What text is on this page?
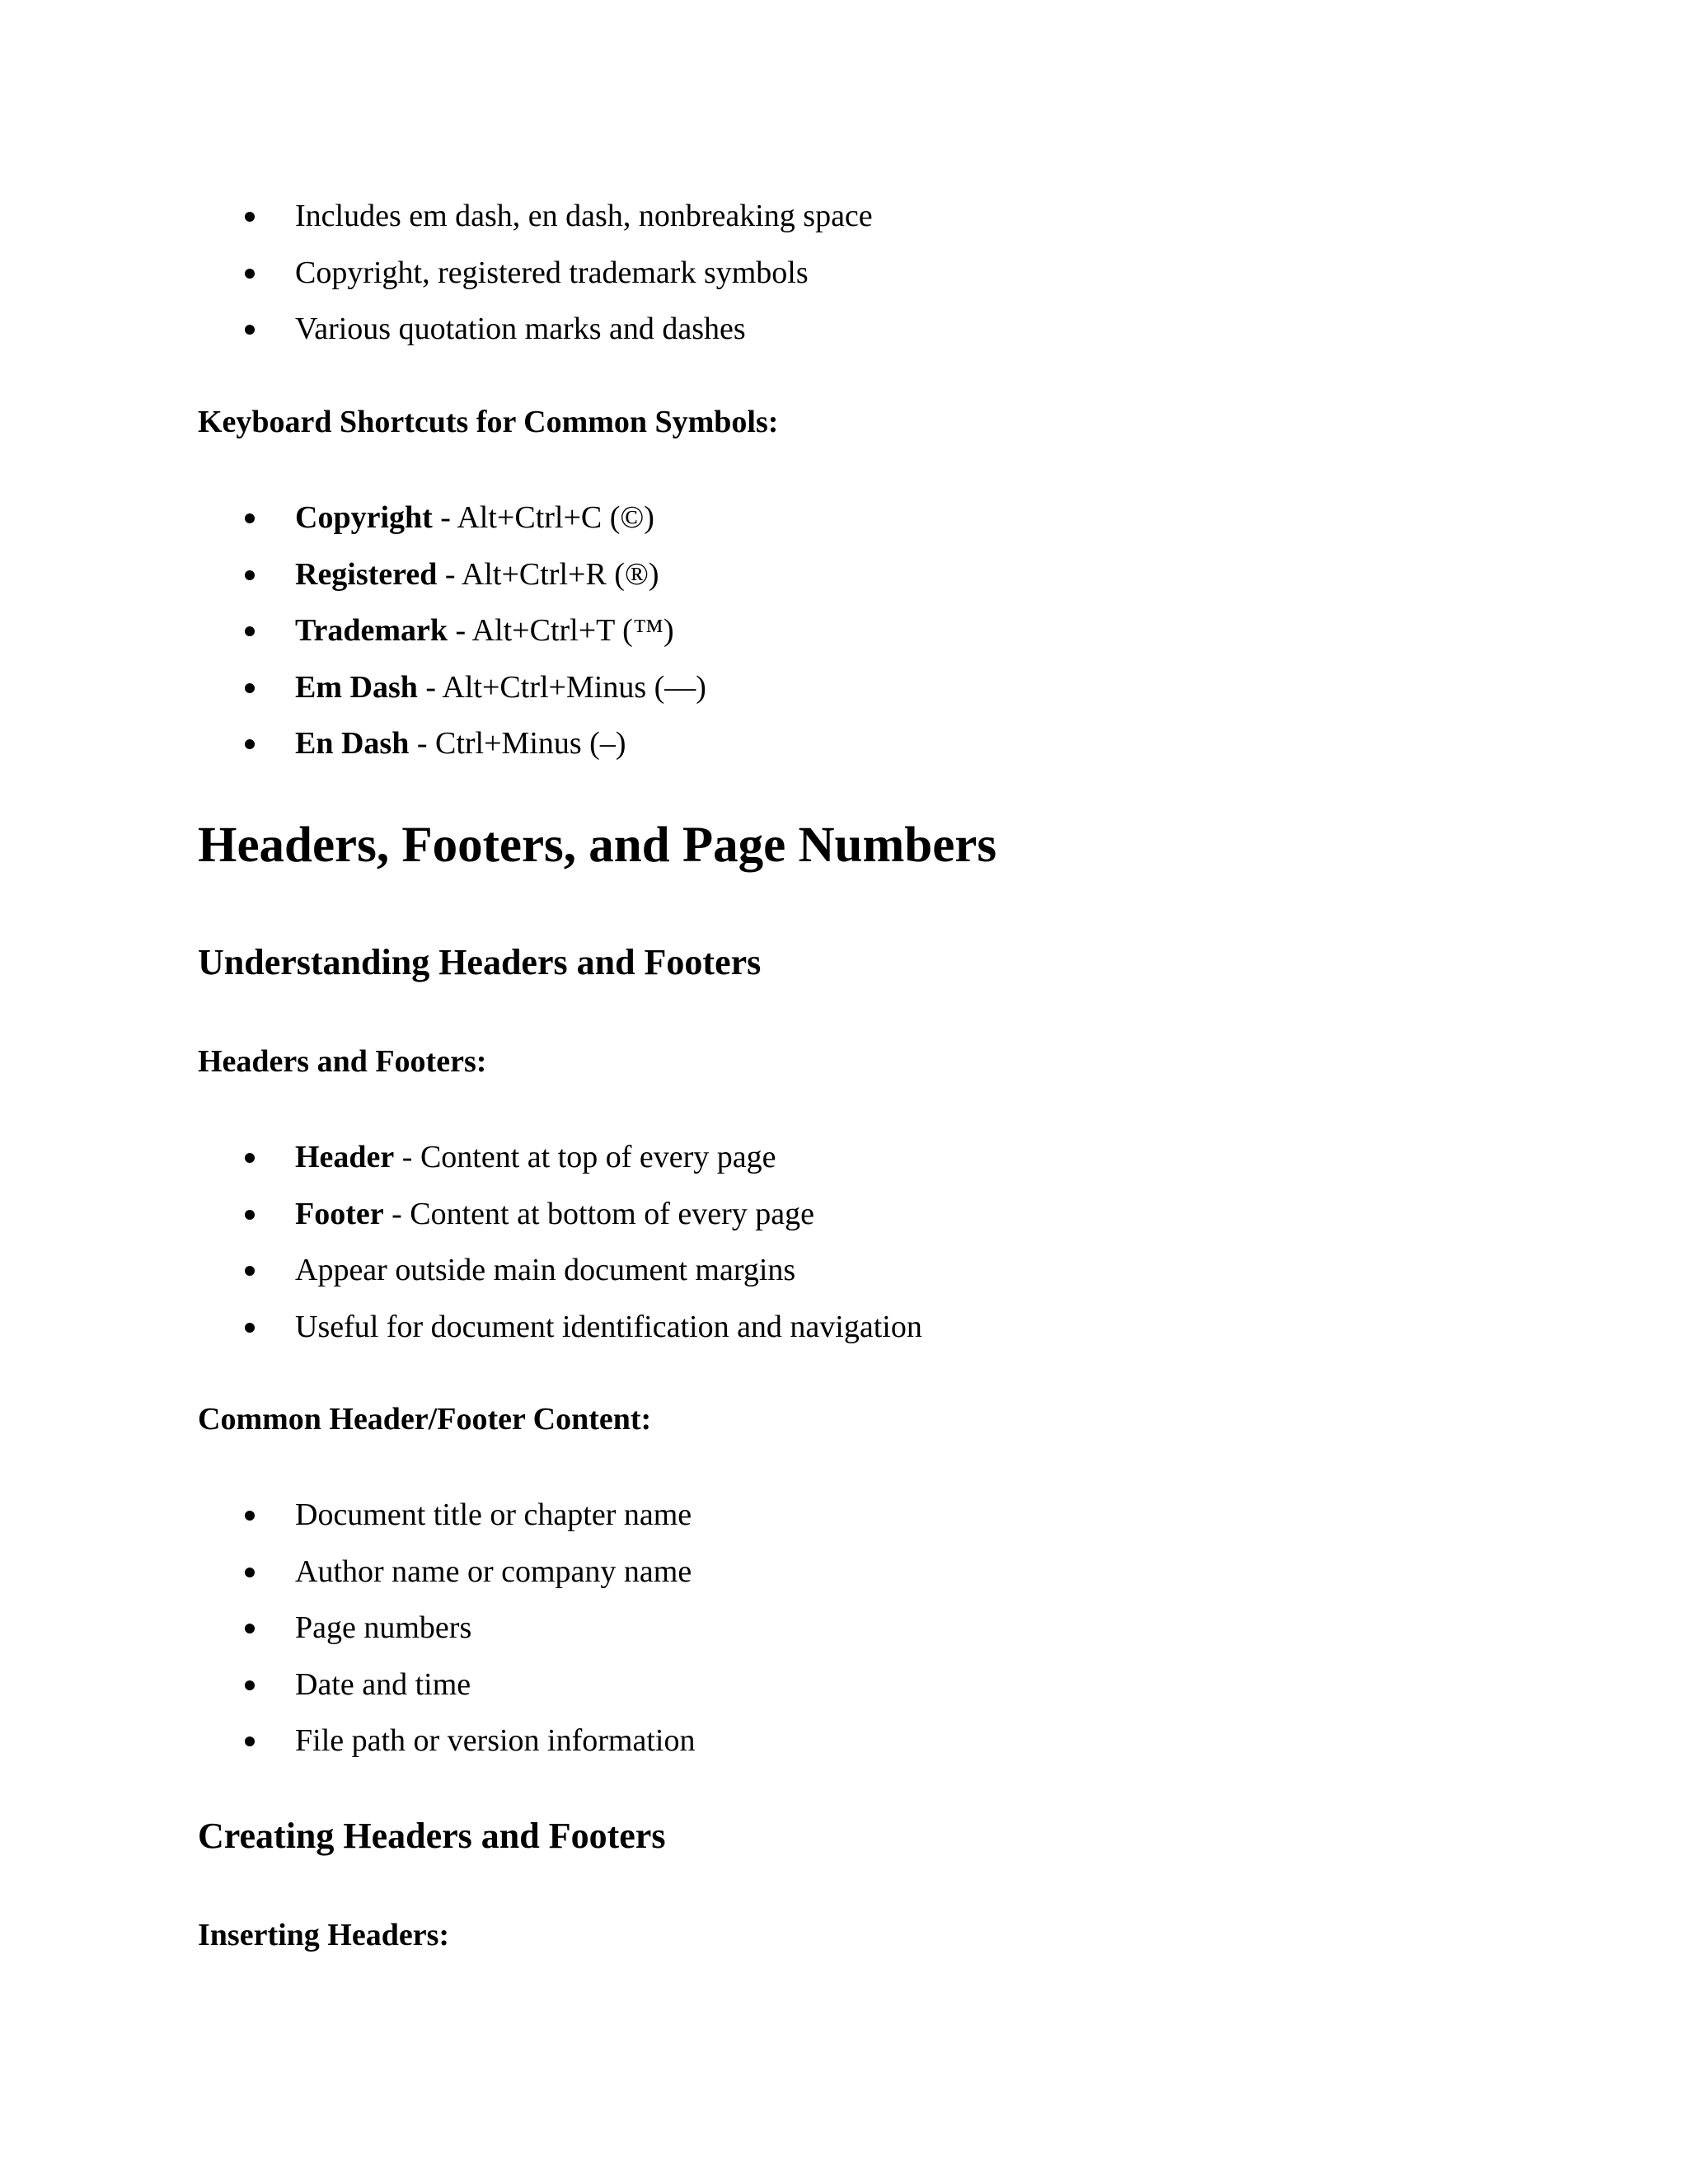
Includes em dash, en dash, nonbreaking space
Copyright, registered trademark symbols
Various quotation marks and dashes

Keyboard Shortcuts for Common Symbols:

Copyright - Alt+Ctrl+C (©)
Registered - Alt+Ctrl+R (®)
Trademark - Alt+Ctrl+T (™)
Em Dash - Alt+Ctrl+Minus (—)
En Dash - Ctrl+Minus (–)
Headers, Footers, and Page Numbers
Understanding Headers and Footers

Headers and Footers:

Header - Content at top of every page
Footer - Content at bottom of every page
Appear outside main document margins
Useful for document identification and navigation

Common Header/Footer Content:

Document title or chapter name
Author name or company name
Page numbers
Date and time
File path or version information
Creating Headers and Footers

Inserting Headers:
